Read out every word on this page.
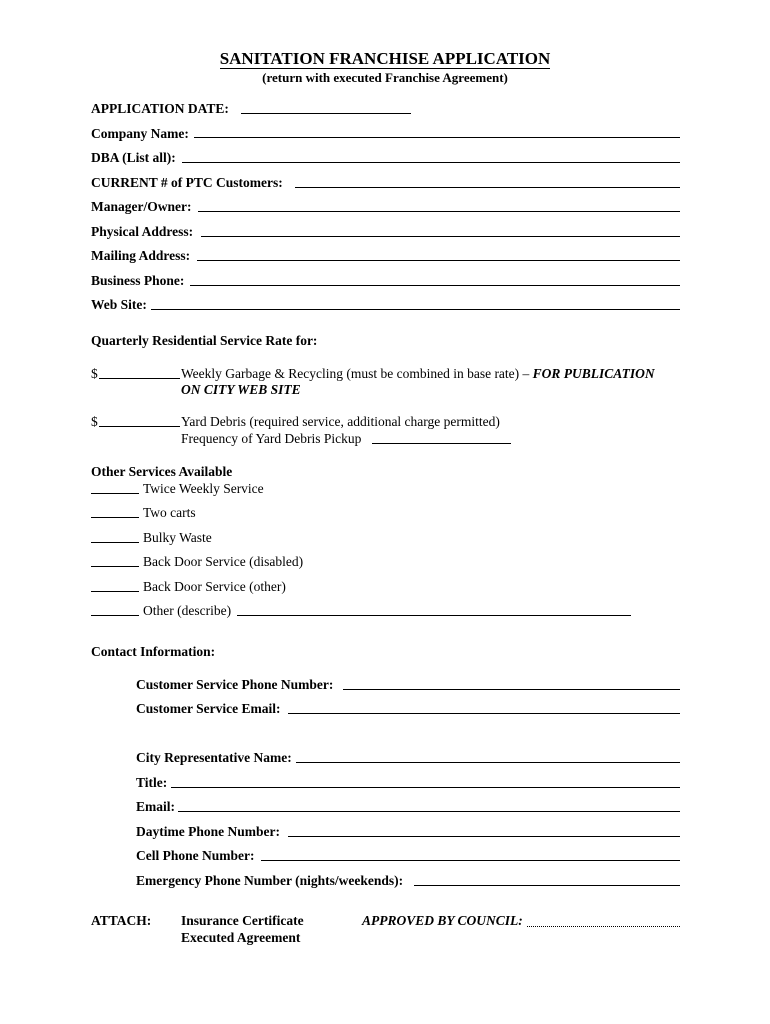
SANITATION FRANCHISE APPLICATION
(return with executed Franchise Agreement)
APPLICATION DATE:
Company Name:
DBA (List all):
CURRENT # of PTC Customers:
Manager/Owner:
Physical Address:
Mailing Address:
Business Phone:
Web Site:
Quarterly Residential Service Rate for:
$	Weekly Garbage & Recycling (must be combined in base rate) – FOR PUBLICATION
ON CITY WEB SITE
$	Yard Debris (required service, additional charge permitted)
Frequency of Yard Debris Pickup
Other Services Available
Twice Weekly Service
Two carts
Bulky Waste
Back Door Service (disabled)
Back Door Service (other)
Other (describe)
Contact Information:
Customer Service Phone Number:
Customer Service Email:
City Representative Name:
Title:
Email:
Daytime Phone Number:
Cell Phone Number:
Emergency Phone Number (nights/weekends):
ATTACH: Insurance Certificate
Executed Agreement
APPROVED BY COUNCIL:
